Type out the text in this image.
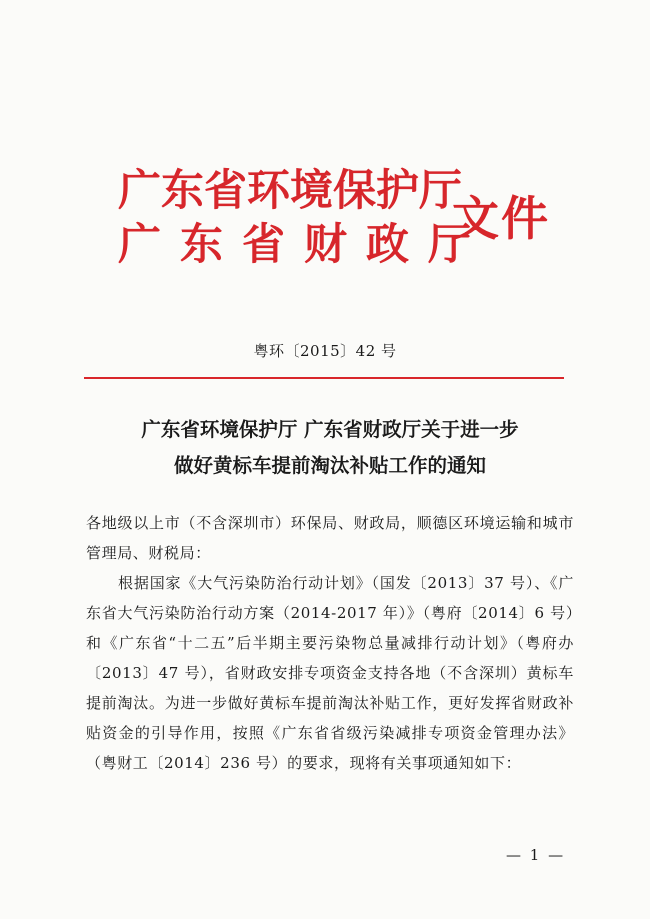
广东省环境保护厅
广东省财政厅
文件
粤环〔2015〕42 号
广东省环境保护厅 广东省财政厅关于进一步
做好黄标车提前淘汰补贴工作的通知

各地级以上市（不含深圳市）环保局、财政局，顺德区环境运输和城市管理局、财税局：

根据国家《大气污染防治行动计划》（国发〔2013〕37 号）、《广东省大气污染防治行动方案（2014-2017 年）》（粤府〔2014〕6 号）和《广东省“十二五”后半期主要污染物总量减排行动计划》（粤府办〔2013〕47 号），省财政安排专项资金支持各地（不含深圳）黄标车提前淘汰。为进一步做好黄标车提前淘汰补贴工作，更好发挥省财政补贴资金的引导作用，按照《广东省省级污染减排专项资金管理办法》（粤财工〔2014〕236 号）的要求，现将有关事项通知如下：

— 1 —
